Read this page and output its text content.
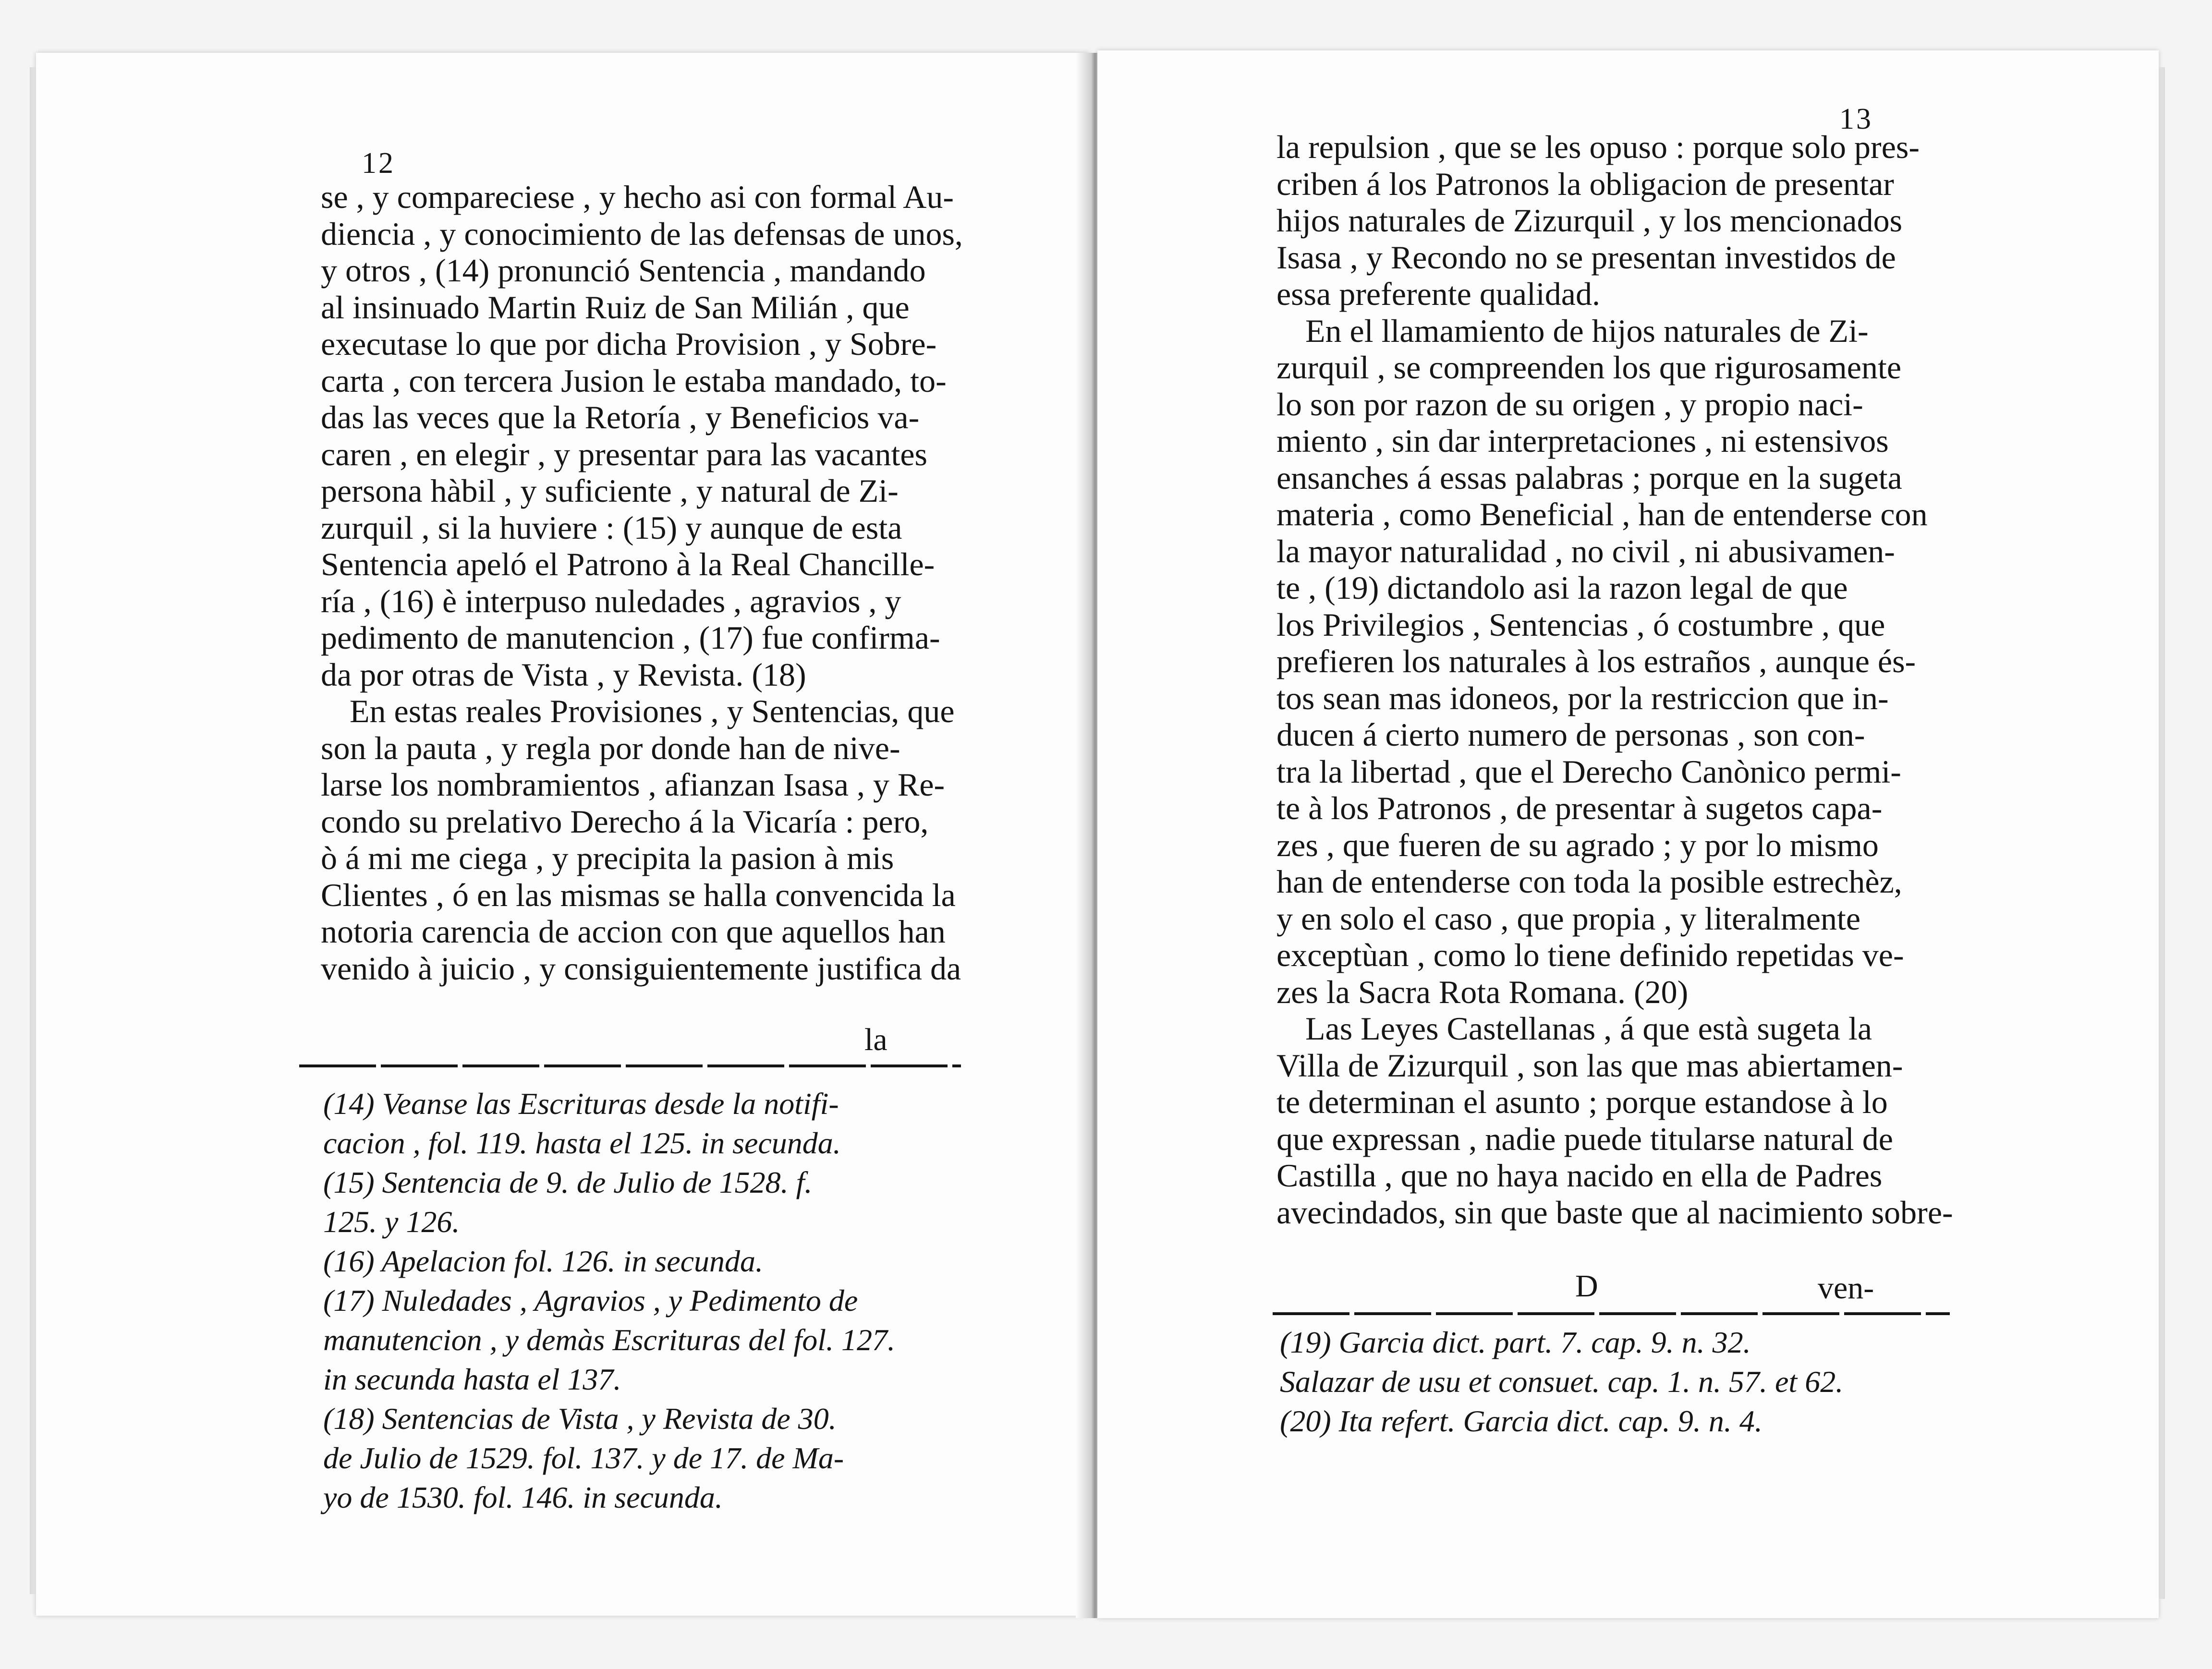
12

se , y compareciese , y hecho asi con formal Au-

diencia , y conocimiento de las defensas de unos,

y otros , (14) pronunció Sentencia , mandando

al insinuado Martin Ruiz de San Milián , que

executase lo que por dicha Provision , y Sobre-

carta , con tercera Jusion le estaba mandado, to-

das las veces que la Retoría , y Beneficios va-

caren , en elegir , y presentar para las vacantes

persona hàbil , y suficiente , y natural de Zi-

zurquil , si la huviere : (15) y aunque de esta

Sentencia apeló el Patrono à la Real Chancille-

ría , (16) è interpuso nuledades , agravios , y

pedimento de manutencion , (17) fue confirma-

da por otras de Vista , y Revista. (18)

En estas reales Provisiones , y Sentencias, que

son la pauta , y regla por donde han de nive-

larse los nombramientos , afianzan Isasa , y Re-

condo su prelativo Derecho á la Vicaría : pero,

ò á mi me ciega , y precipita la pasion à mis

Clientes , ó en las mismas se halla convencida la

notoria carencia de accion con que aquellos han

venido à juicio , y consiguientemente justifica da

la

(14) Veanse las Escrituras desde la notifi-

cacion , fol. 119. hasta el 125. in secunda.

(15) Sentencia de 9. de Julio de 1528. f.

125. y 126.

(16) Apelacion fol. 126. in secunda.

(17) Nuledades , Agravios , y Pedimento de

manutencion , y demàs Escrituras del fol. 127.

in secunda hasta el 137.

(18) Sentencias de Vista , y Revista de 30.

de Julio de 1529. fol. 137. y de 17. de Ma-

yo de 1530. fol. 146. in secunda.

13

la repulsion , que se les opuso : porque solo pres-

criben á los Patronos la obligacion de presentar

hijos naturales de Zizurquil , y los mencionados

Isasa , y Recondo no se presentan investidos de

essa preferente qualidad.

En el llamamiento de hijos naturales de Zi-

zurquil , se compreenden los que rigurosamente

lo son por razon de su origen , y propio naci-

miento , sin dar interpretaciones , ni estensivos

ensanches á essas palabras ; porque en la sugeta

materia , como Beneficial , han de entenderse con

la mayor naturalidad , no civil , ni abusivamen-

te , (19) dictandolo asi la razon legal de que

los Privilegios , Sentencias , ó costumbre , que

prefieren los naturales à los estraños , aunque és-

tos sean mas idoneos, por la restriccion que in-

ducen á cierto numero de personas , son con-

tra la libertad , que el Derecho Canònico permi-

te à los Patronos , de presentar à sugetos capa-

zes , que fueren de su agrado ; y por lo mismo

han de entenderse con toda la posible estrechèz,

y en solo el caso , que propia , y literalmente

exceptùan , como lo tiene definido repetidas ve-

zes la Sacra Rota Romana. (20)

Las Leyes Castellanas , á que està sugeta la

Villa de Zizurquil , son las que mas abiertamen-

te determinan el asunto ; porque estandose à lo

que expressan , nadie puede titularse natural de

Castilla , que no haya nacido en ella de Padres

avecindados, sin que baste que al nacimiento sobre-

D	ven-

(19) Garcia dict. part. 7. cap. 9. n. 32.

Salazar de usu et consuet. cap. 1. n. 57. et 62.

(20) Ita refert. Garcia dict. cap. 9. n. 4.
